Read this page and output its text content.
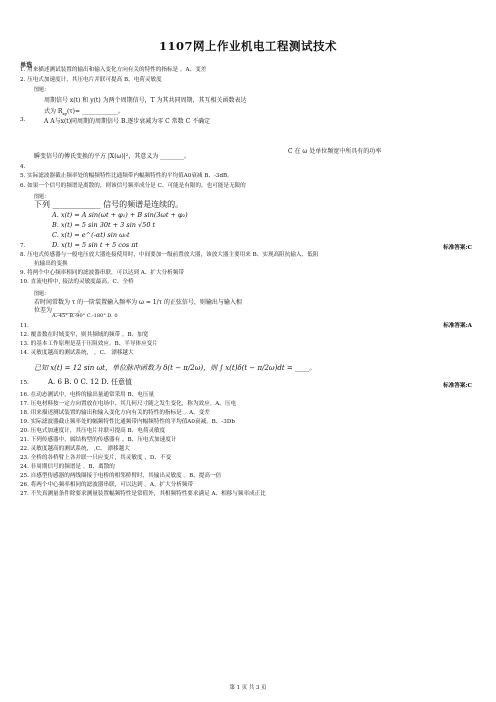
1107网上作业机电工程测试技术
单选
1. 用来描述测试装置的输出和输入变化方向有关的特性的指标是 。A、变差
2. 压电式加速度计，其压电片并联可提高 B、电荷灵敏度
图题：
周期信号 x(t) 和 y(t) 为两个周期信号，T 为其共同周期，其互相关函数表达
式为 $R_{xy}(\tau)=$ ____________。
3.	A A与x(t)同周期的周期信号 B.逐步衰减为零 C 常数 C 不确定
瞬变信号的傅氏变换的平方 |X(ω)|²，其意义为 ________。
C 在 ω 处单位频宽中所具有的功率
4.
5. 实际滤波器截止频率处的幅频特性比通频带内幅频特性的平均值A0衰减 B、-3dB。
6. 如果一个信号的频谱是离散的，则该信号频率成分是 C、可能是有限的，也可能是无限的
图题：
下列 ____________ 信号的频谱是连续的。
A. x(t) = A sin(ωt + φ₁) + B sin(3ωt + φ₂)
B. x(t) = 5 sin 30t + 3 sin √50 t
C. x(t) = e^(-αt) sin ω₀t
D. x(t) = 5 sin t + 5 cos πt
7.	标准答案:C
8. 压电式传感器与一般电压放大器连接使用时，中间要加一级前置放大器，该放大器主要用来 B、实现高阻抗输入、低阻
抗输出的变换
9. 将两个中心频率相同的滤波器串联，可以达到 A、扩大分析频带
10. 直流电桥中, 接法的灵敏度最高。C、全桥
图题：
若时间常数为 τ 的一阶装置输入频率为 ω = 1/τ 的正弦信号，则输出与输入相
位差为 ________。
A.-45° B.-90° C.-180° D. 0
11.	标准答案:A
12. 覆盖数在时域变窄，则其频域的频带 。B、加宽
13. 的基本工作原理是基于压阻效应。B、半导体应变片
14. 灵敏度越高的测试系统， ，C、 漂移越大
已知 x(t) = 12 sin ωt，单位脉冲函数为 δ(t − π/2ω)，则 ∫ x(t)δ(t − π/2ω)dt = ____。
15.	A. 6 B. 0 C. 12 D. 任意值	标准答案:C
16. 在动态测试中，电桥的输出量通常采用 B、电压量
17. 压电材料按一定方向置放在电场中，其几何尺寸随之发生变化，称为效应。A、压电
18. 用来描述测试装置的输出和输入变化方向有关的特性的指标是 。A、变差
19. 实际滤波器截止频率处的幅频特性比通频带内幅频特性的平均值A0衰减。B、-3Db
20. 压电式加速度计，其压电片并联可提高 B、电荷灵敏度
21. 下列传感器中，属结构型的传感器有 。B、压电式加速度计
22. 灵敏度越高的测试系统， ,C、 漂移越大
23. 全桥的各桥臂上各并联一只应变片，其灵敏度 ，D、不变
24. 非周期信号的频谱是 。B、离散的
25. 自感型传感器的两线圈接于电桥的相邻桥臂时，其输出灵敏度 。B、提高一倍
26. 将两个中心频率相同的滤波器串联，可以达到 。A、扩大分析频带
27. 不失真测量条件除要求测量装置幅频特性是常值外，其相频特性要求满足 A、相移与频率成正比
第 1 页 共 3 页
